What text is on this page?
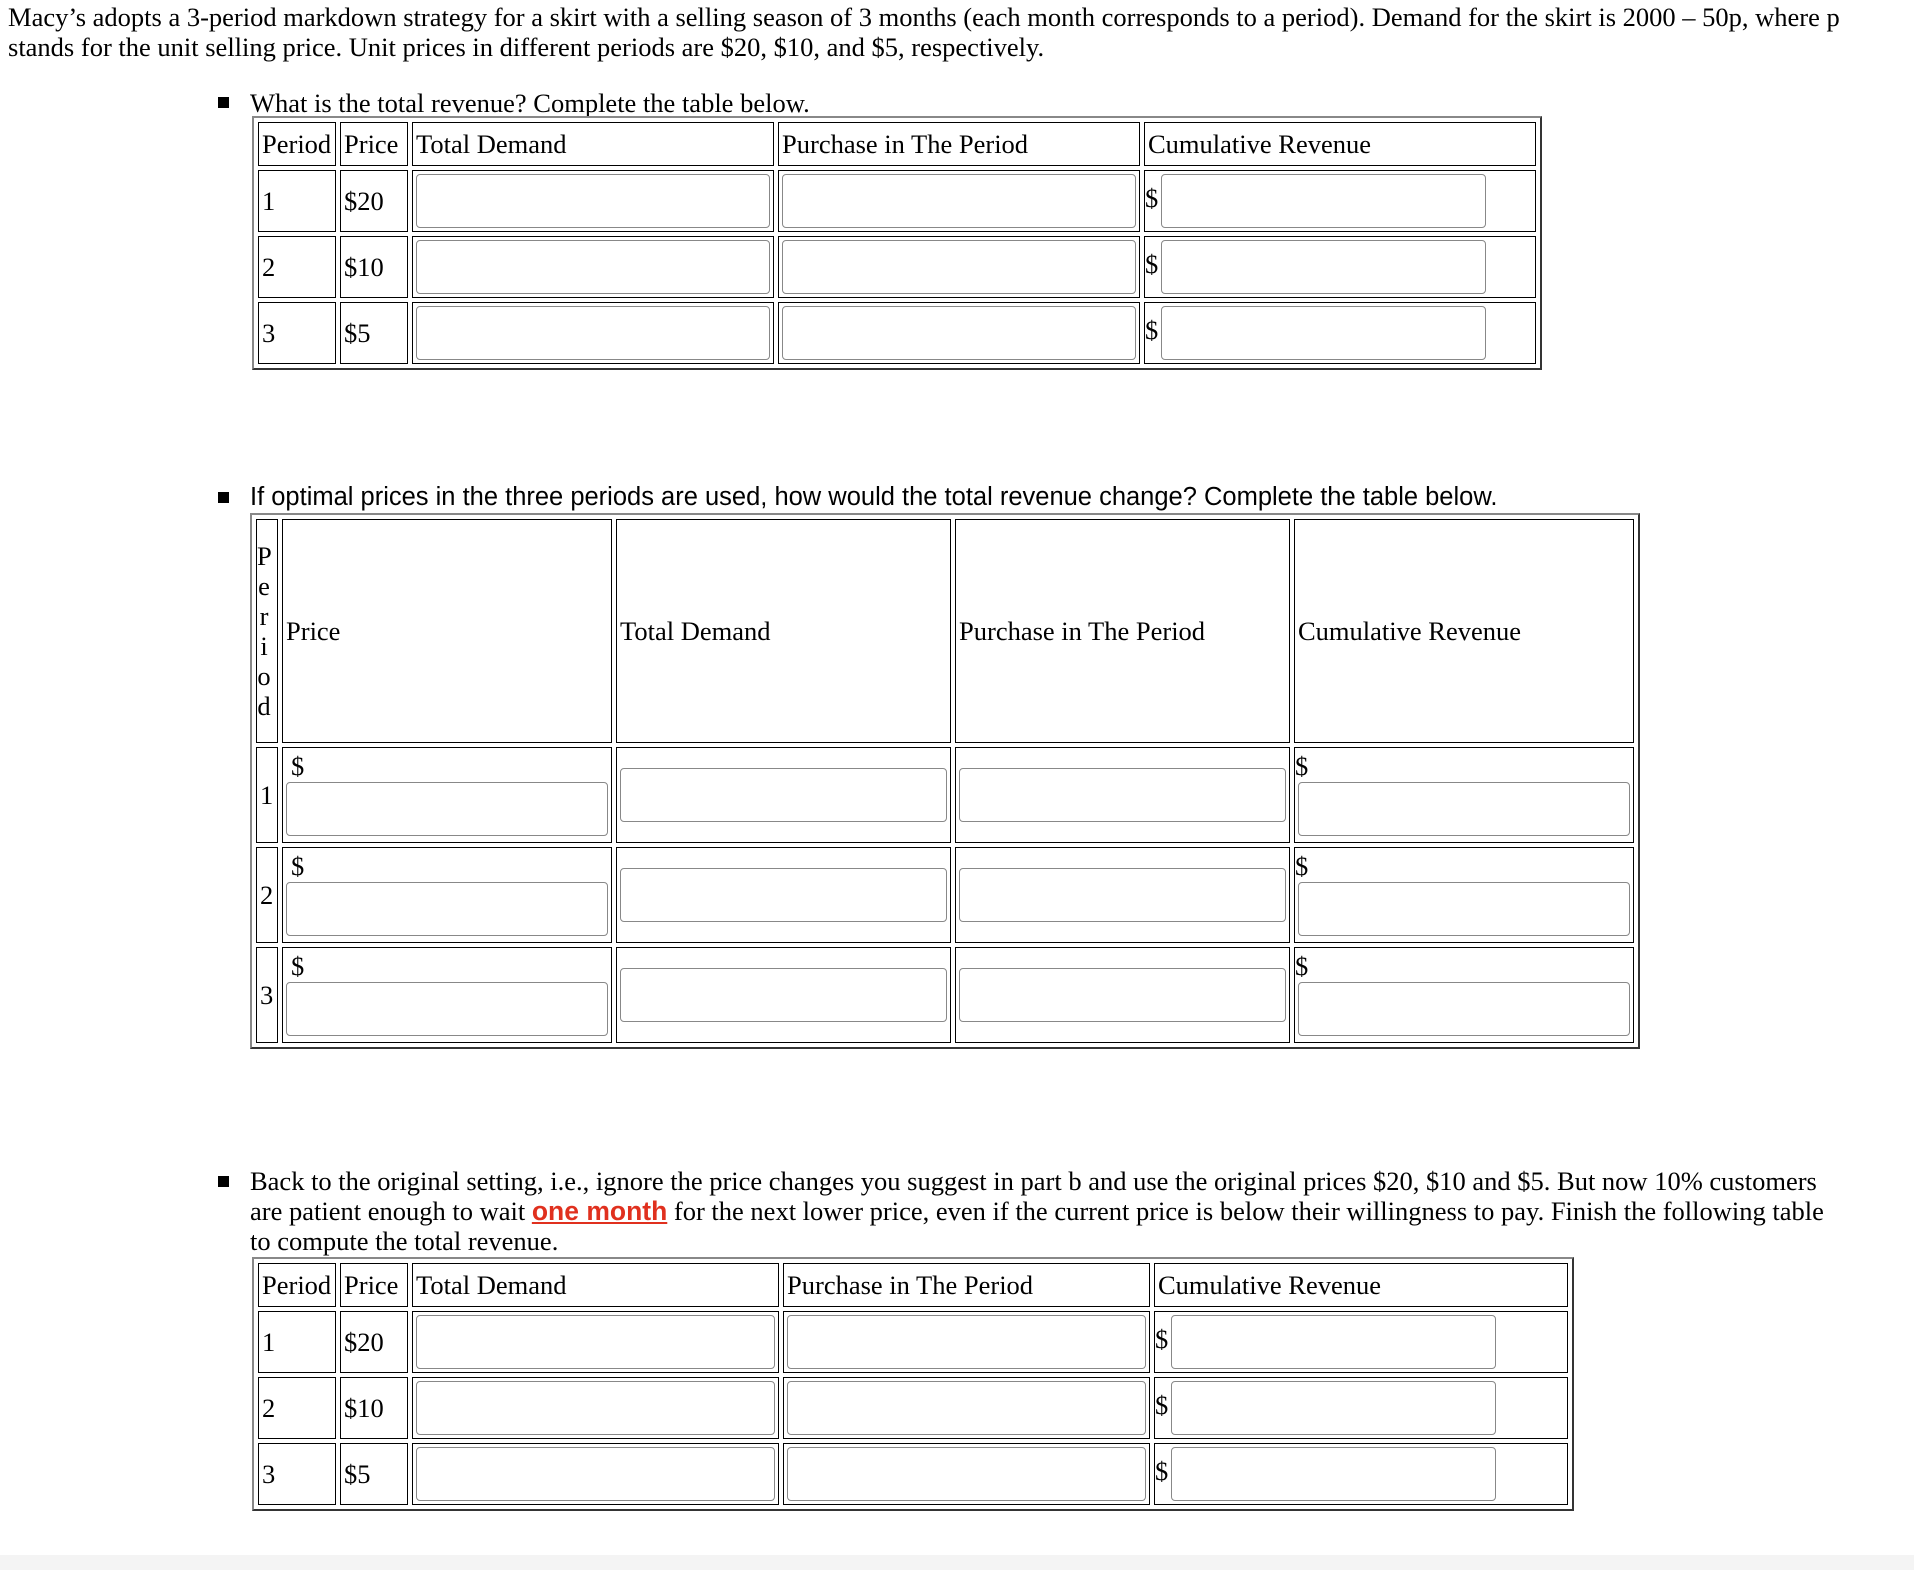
Macy’s adopts a 3-period markdown strategy for a skirt with a selling season of 3 months (each month corresponds to a period). Demand for the skirt is 2000 – 50p, where p stands for the unit selling price. Unit prices in different periods are $20, $10, and $5, respectively.

What is the total revenue? Complete the table below.

Period	Price	Total Demand	Purchase in The Period	Cumulative Revenue
1	$20			$
2	$10			$
3	$5			$

If optimal prices in the three periods are used, how would the total revenue change? Complete the table below.

Period	Price	Total Demand	Purchase in The Period	Cumulative Revenue
1	$			$

2	$			$

3	$			$

Back to the original setting, i.e., ignore the price changes you suggest in part b and use the original prices $20, $10 and $5. But now 10% customers are patient enough to wait one month for the next lower price, even if the current price is below their willingness to pay. Finish the following table to compute the total revenue.

Period	Price	Total Demand	Purchase in The Period	Cumulative Revenue
1	$20			$
2	$10			$
3	$5			$
